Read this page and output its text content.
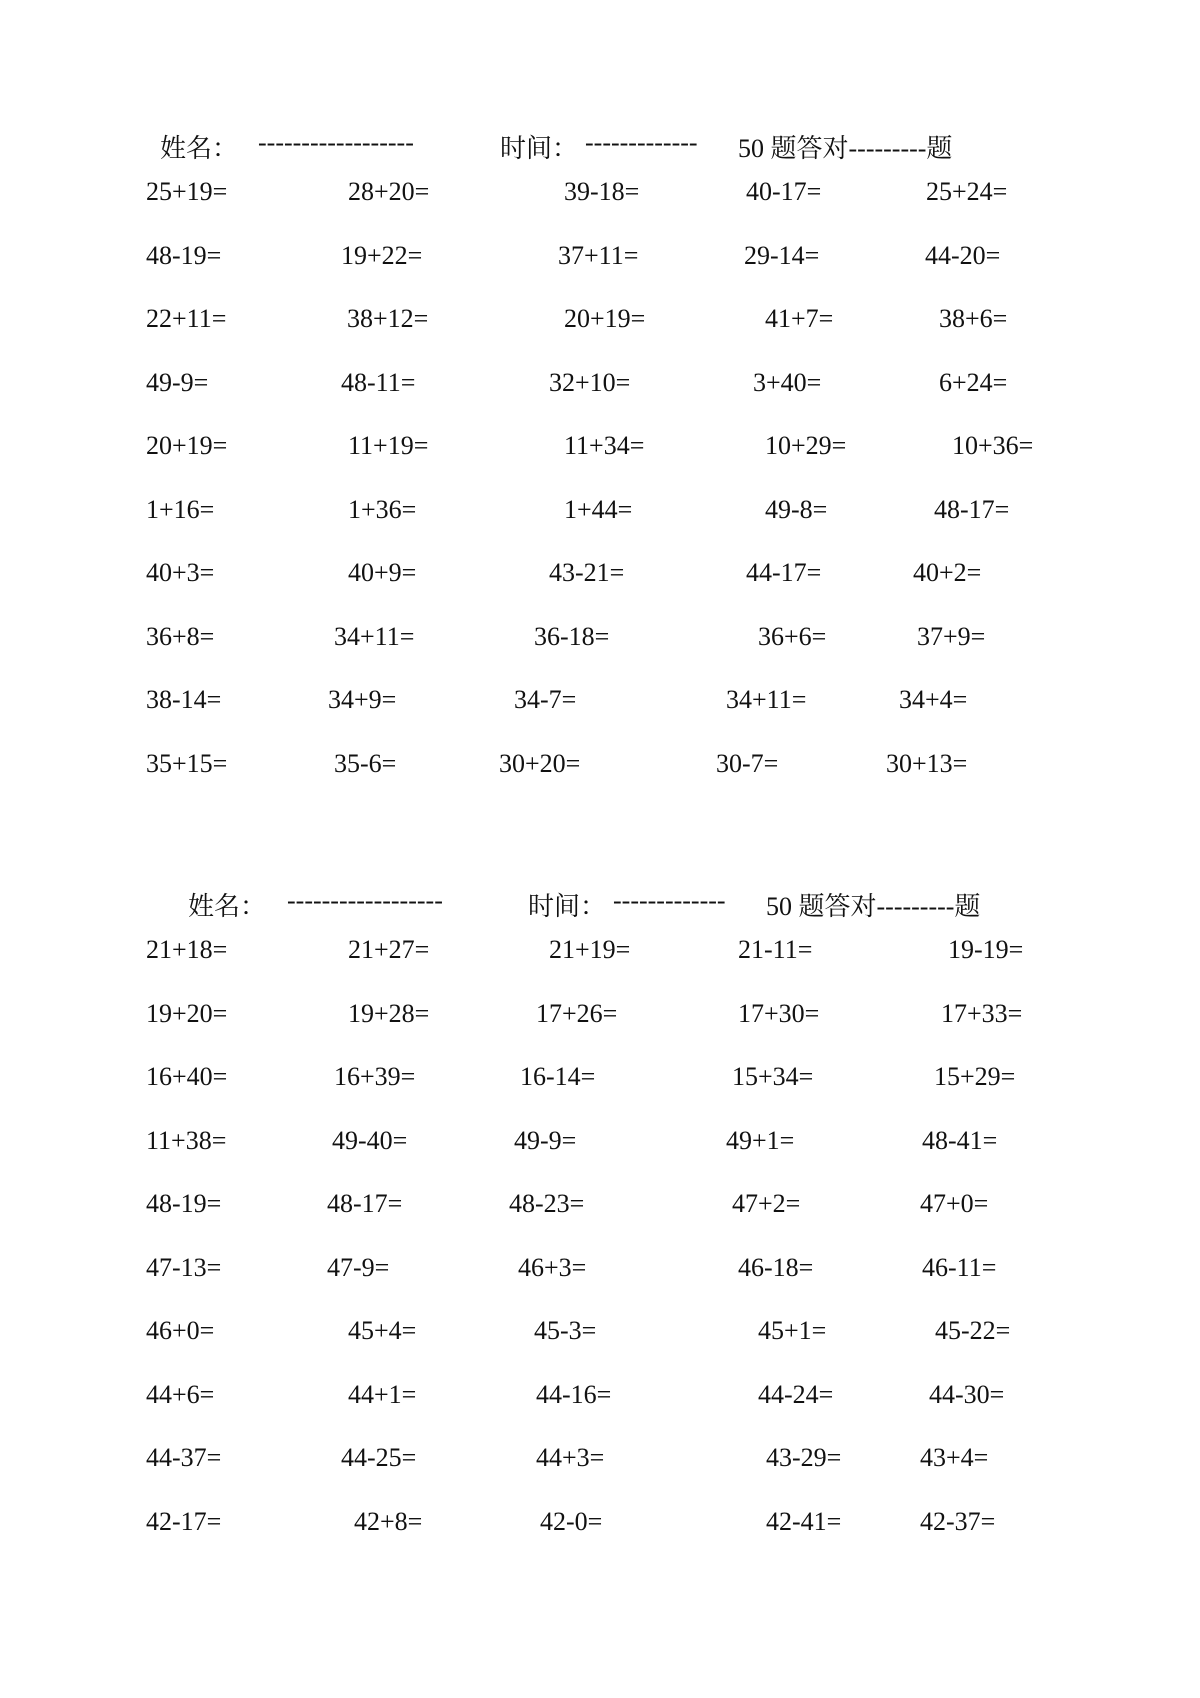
姓名：

------------------

	时间：

-------------

50 题答对---------题

25+19=	28+20=	39-18=	40-17=	25+24=
48-19=	19+22=	37+11=	29-14=	44-20=
22+11=	38+12=	20+19=	41+7=	38+6=
49-9=	48-11=	32+10=	3+40=	6+24=
20+19=	11+19=	11+34=	10+29=	10+36=
1+16=	1+36=	1+44=	49-8=	48-17=
40+3=	40+9=	43-21=	44-17=	40+2=
36+8=	34+11=	36-18=	36+6=	37+9=
38-14=	34+9=	34-7=	34+11=	34+4=
35+15=	35-6=	30+20=	30-7=	30+13=

姓名：

------------------

	时间：

-------------

50 题答对---------题

21+18=	21+27=	21+19=	21-11=	19-19=
19+20=	19+28=	17+26=	17+30=	17+33=
16+40=	16+39=	16-14=	15+34=	15+29=
11+38=	49-40=	49-9=	49+1=	48-41=
48-19=	48-17=	48-23=	47+2=	47+0=
47-13=	47-9=	46+3=	46-18=	46-11=
46+0=	45+4=	45-3=	45+1=	45-22=
44+6=	44+1=	44-16=	44-24=	44-30=
44-37=	44-25=	44+3=	43-29=	43+4=
42-17=	42+8=	42-0=	42-41=	42-37=
